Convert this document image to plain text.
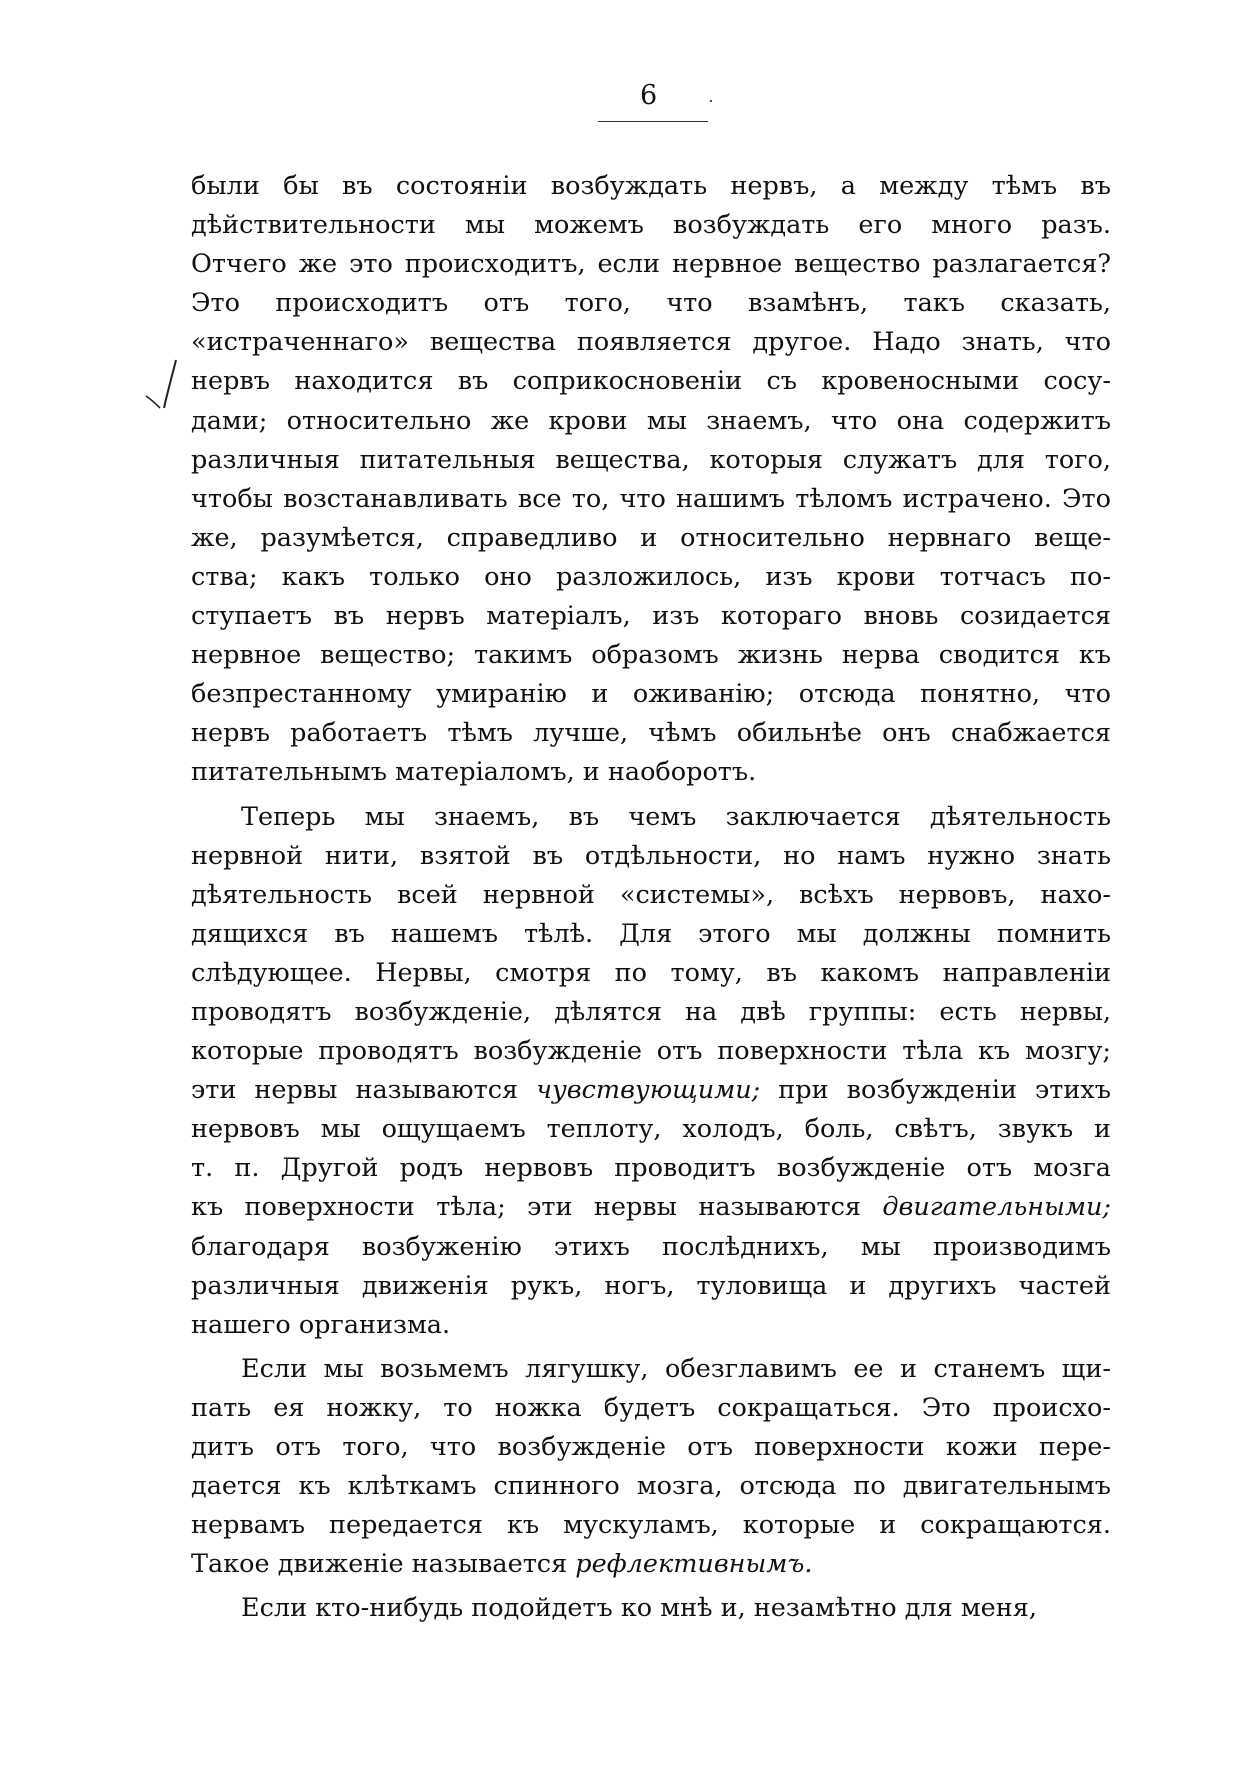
6
были бы въ состояніи возбуждать нервъ, а между тѣмъ въ
дѣйствительности мы можемъ возбуждать его много разъ.
Отчего же это происходитъ, если нервное вещество разлагается?
Это происходитъ отъ того, что взамѣнъ, такъ сказать,
«истраченнаго» вещества появляется другое. Надо знать, что
нервъ находится въ соприкосновеніи съ кровеносными сосу-
дами; относительно же крови мы знаемъ, что она содержитъ
различныя питательныя вещества, которыя служатъ для того,
чтобы возстанавливать все то, что нашимъ тѣломъ истрачено. Это
же, разумѣется, справедливо и относительно нервнаго веще-
ства; какъ только оно разложилось, изъ крови тотчасъ по-
ступаетъ въ нервъ матеріалъ, изъ котораго вновь созидается
нервное вещество; такимъ образомъ жизнь нерва сводится къ
безпрестанному умиранію и оживанію; отсюда понятно, что
нервъ работаетъ тѣмъ лучше, чѣмъ обильнѣе онъ снабжается
питательнымъ матеріаломъ, и наоборотъ.
Теперь мы знаемъ, въ чемъ заключается дѣятельность
нервной нити, взятой въ отдѣльности, но намъ нужно знать
дѣятельность всей нервной «системы», всѣхъ нервовъ, нахо-
дящихся въ нашемъ тѣлѣ. Для этого мы должны помнить
слѣдующее. Нервы, смотря по тому, въ какомъ направленіи
проводятъ возбужденіе, дѣлятся на двѣ группы: есть нервы,
которые проводятъ возбужденіе отъ поверхности тѣла къ мозгу;
эти нервы называются чувствующими; при возбужденіи этихъ
нервовъ мы ощущаемъ теплоту, холодъ, боль, свѣтъ, звукъ и
т. п. Другой родъ нервовъ проводитъ возбужденіе отъ мозга
къ поверхности тѣла; эти нервы называются двигательными;
благодаря возбуженію этихъ послѣднихъ, мы производимъ
различныя движенія рукъ, ногъ, туловища и другихъ частей
нашего организма.
Если мы возьмемъ лягушку, обезглавимъ ее и станемъ щи-
пать ея ножку, то ножка будетъ сокращаться. Это происхо-
дитъ отъ того, что возбужденіе отъ поверхности кожи пере-
дается къ клѣткамъ спинного мозга, отсюда по двигательнымъ
нервамъ передается къ мускуламъ, которые и сокращаются.
Такое движеніе называется рефлективнымъ.
Если кто-нибудь подойдетъ ко мнѣ и, незамѣтно для меня,
